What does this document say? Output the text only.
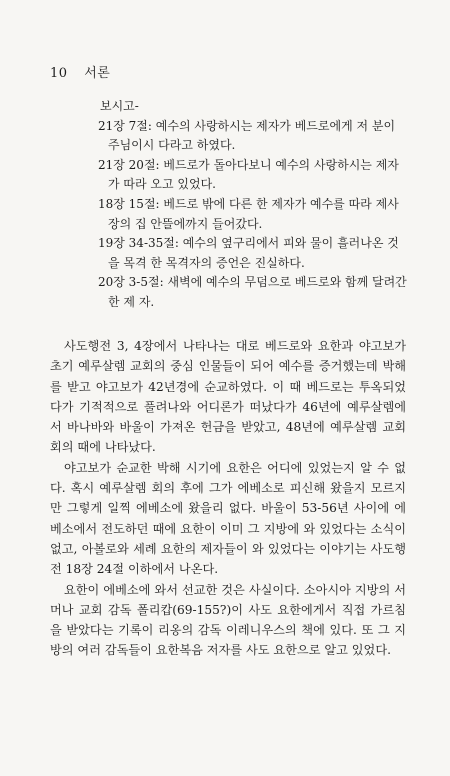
10 서론

보시고-

21장 7절: 예수의 사랑하시는 제자가 베드로에게 저 분이 주님이시 다라고 하였다.

21장 20절: 베드로가 돌아다보니 예수의 사랑하시는 제자가 따라 오고 있었다.

18장 15절: 베드로 밖에 다른 한 제자가 예수를 따라 제사장의 집 안뜰에까지 들어갔다.

19장 34-35절: 예수의 옆구리에서 피와 물이 흘러나온 것을 목격 한 목격자의 증언은 진실하다.

20장 3-5절: 새벽에 예수의 무덤으로 베드로와 함께 달려간 한 제 자.

사도행전 3, 4장에서 나타나는 대로 베드로와 요한과 야고보가 초기 예루살렘 교회의 중심 인물들이 되어 예수를 증거했는데 박해를 받고 야고보가 42년경에 순교하였다. 이 때 베드로는 투옥되었다가 기적적으로 풀려나와 어디론가 떠났다가 46년에 예루살렘에서 바나바와 바울이 가져온 헌금을 받았고, 48년에 예루살렘 교회 회의 때에 나타났다.

야고보가 순교한 박해 시기에 요한은 어디에 있었는지 알 수 없다. 혹시 예루살렘 회의 후에 그가 에베소로 피신해 왔을지 모르지만 그렇게 일찍 에베소에 왔을리 없다. 바울이 53-56년 사이에 에베소에서 전도하던 때에 요한이 이미 그 지방에 와 있었다는 소식이 없고, 아볼로와 세례 요한의 제자들이 와 있었다는 이야기는 사도행전 18장 24절 이하에서 나온다.

요한이 에베소에 와서 선교한 것은 사실이다. 소아시아 지방의 서머나 교회 감독 폴리캅(69-155?)이 사도 요한에게서 직접 가르침을 받았다는 기록이 리옹의 감독 이레니우스의 책에 있다. 또 그 지방의 여러 감독들이 요한복음 저자를 사도 요한으로 알고 있었다.
